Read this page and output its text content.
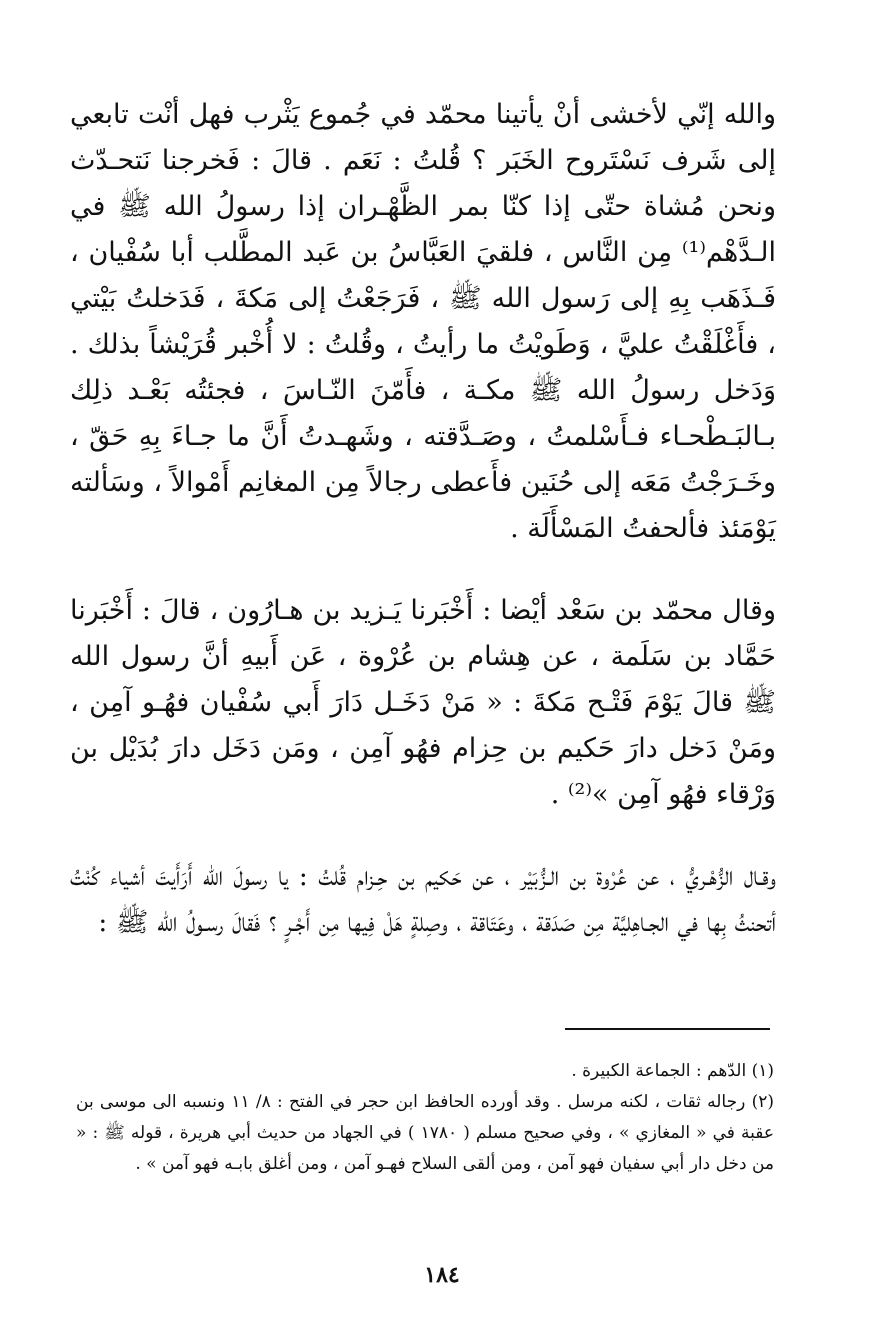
والله إنّي لأخشى أنْ يأتينا محمّد في جُموع يَثْرب فهل أنْت تابعي إلى شَرف نَسْتَروح الخَبَر ؟ قُلتُ : نَعَم . قالَ : فَخرجنا نَتحـدّث ونحن مُشاة حتّى إذا كنّا بمر الظَّهْـران إذا رسولُ الله ﷺ في الـدَّهْم⁽¹⁾ مِن النَّاس ، فلقيَ العَبَّاسُ بن عَبد المطَّلب أبا سُفْيان ، فَـذَهَب بِهِ إلى رَسول الله ﷺ ، فَرَجَعْتُ إلى مَكةَ ، فَدَخلتُ بَيْتي ، فأَغْلَقْتُ عليَّ ، وَطَويْتُ ما رأيتُ ، وقُلتُ : لا أُخْبر قُرَيْشاً بذلك . وَدَخل رسولُ الله ﷺ مكـة ، فأَمّنَ النّـاسَ ، فجئتُه بَعْـد ذلِك بـالبَـطْحـاء فـأَسْلمتُ ، وصَـدَّقته ، وشَهـدتُ أَنَّ ما جـاءَ بِهِ حَقّ ، وخَـرَجْتُ مَعَه إلى حُنَين فأَعطى رجالاً مِن المغانِم أَمْوالاً ، وسَألته يَوْمَئذ فألحفتُ المَسْأَلَة .

وقال محمّد بن سَعْد أيْضا : أَخْبَرنا يَـزيد بن هـارُون ، قالَ : أَخْبَرنا حَمَّاد بن سَلَمة ، عن هِشام بن عُرْوة ، عَن أَبيهِ أنَّ رسول الله ﷺ قالَ يَوْمَ فَتْـح مَكةَ : « مَنْ دَخَـل دَارَ أَبي سُفْيان فهُـو آمِن ، ومَنْ دَخل دارَ حَكيم بن حِزام فهُو آمِن ، ومَن دَخَل دارَ بُدَيْل بن وَرْقاء فهُو آمِن »⁽²⁾ .

وقـال الزُّهْـريُّ ، عن عُرْوة بن الـزُّبَيْر ، عن حَكيم بن حِـزام قُلتُ : يا رسولَ الله أَرَأَيتَ أشياء كُنْتُ أتحنثُ بِها في الجـاهِليَّة مِن صَدَقة ، وعَتَاقة ، وصِلةٍ هَلْ فِيها مِن أَجْـرٍ ؟ فَقالَ رسـولُ الله ﷺ :

(١) الدّهم : الجماعة الكبيرة .

(٢) رجاله ثقات ، لكنه مرسل . وقد أورده الحافظ ابن حجر في الفتح : ٨/ ١١ ونسبه الى موسى بن عقبة في « المغازي » ، وفي صحيح مسلم ( ١٧٨٠ ) في الجهاد من حديث أبي هريرة ، قوله ﷺ : « من دخل دار أبي سفيان فهو آمن ، ومن ألقى السلاح فهـو آمن ، ومن أغلق بابـه فهو آمن » .

١٨٤
